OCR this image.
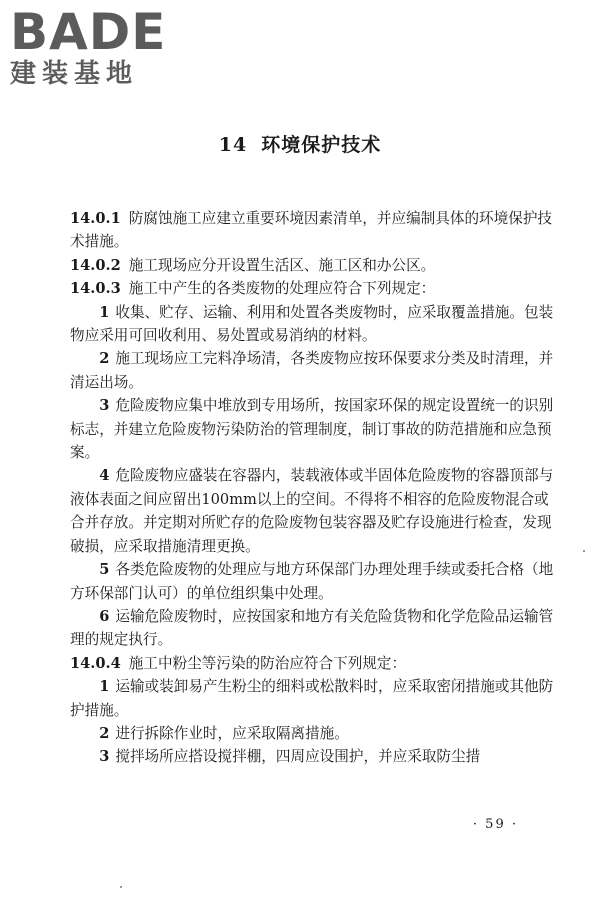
BADE
建装基地
14 环境保护技术

14.0.1 防腐蚀施工应建立重要环境因素清单，并应编制具体的环境保护技术措施。

14.0.2 施工现场应分开设置生活区、施工区和办公区。

14.0.3 施工中产生的各类废物的处理应符合下列规定：

1 收集、贮存、运输、利用和处置各类废物时，应采取覆盖措施。包装物应采用可回收利用、易处置或易消纳的材料。

2 施工现场应工完料净场清，各类废物应按环保要求分类及时清理，并清运出场。

3 危险废物应集中堆放到专用场所，按国家环保的规定设置统一的识别标志，并建立危险废物污染防治的管理制度，制订事故的防范措施和应急预案。

4 危险废物应盛装在容器内，装载液体或半固体危险废物的容器顶部与液体表面之间应留出100mm以上的空间。不得将不相容的危险废物混合或合并存放。并定期对所贮存的危险废物包装容器及贮存设施进行检查，发现破损，应采取措施清理更换。

5 各类危险废物的处理应与地方环保部门办理处理手续或委托合格（地方环保部门认可）的单位组织集中处理。

6 运输危险废物时，应按国家和地方有关危险货物和化学危险品运输管理的规定执行。

14.0.4 施工中粉尘等污染的防治应符合下列规定：

1 运输或装卸易产生粉尘的细料或松散料时，应采取密闭措施或其他防护措施。

2 进行拆除作业时，应采取隔离措施。

3 搅拌场所应搭设搅拌棚，四周应设围护，并应采取防尘措

· 59 ·
